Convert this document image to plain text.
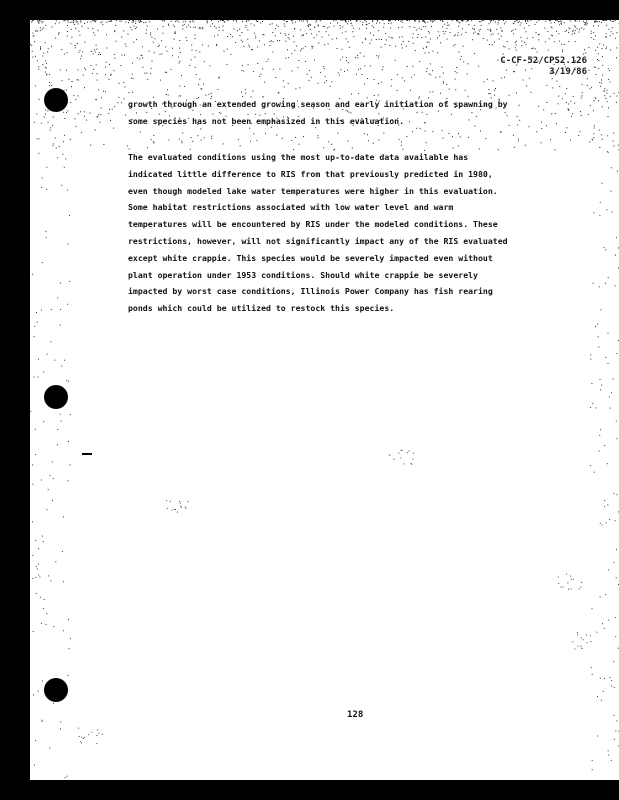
C-CF-52/CPS2.126
3/19/86
growth through an extended growing season and early initiation of spawning by
some species has not been emphasized in this evaluation.
The evaluated conditions using the most up-to-date data available has
indicated little difference to RIS from that previously predicted in 1980,
even though modeled lake water temperatures were higher in this evaluation.
Some habitat restrictions associated with low water level and warm
temperatures will be encountered by RIS under the modeled conditions. These
restrictions, however, will not significantly impact any of the RIS evaluated
except white crappie. This species would be severely impacted even without
plant operation under 1953 conditions. Should white crappie be severely
impacted by worst case conditions, Illinois Power Company has fish rearing
ponds which could be utilized to restock this species.
128
